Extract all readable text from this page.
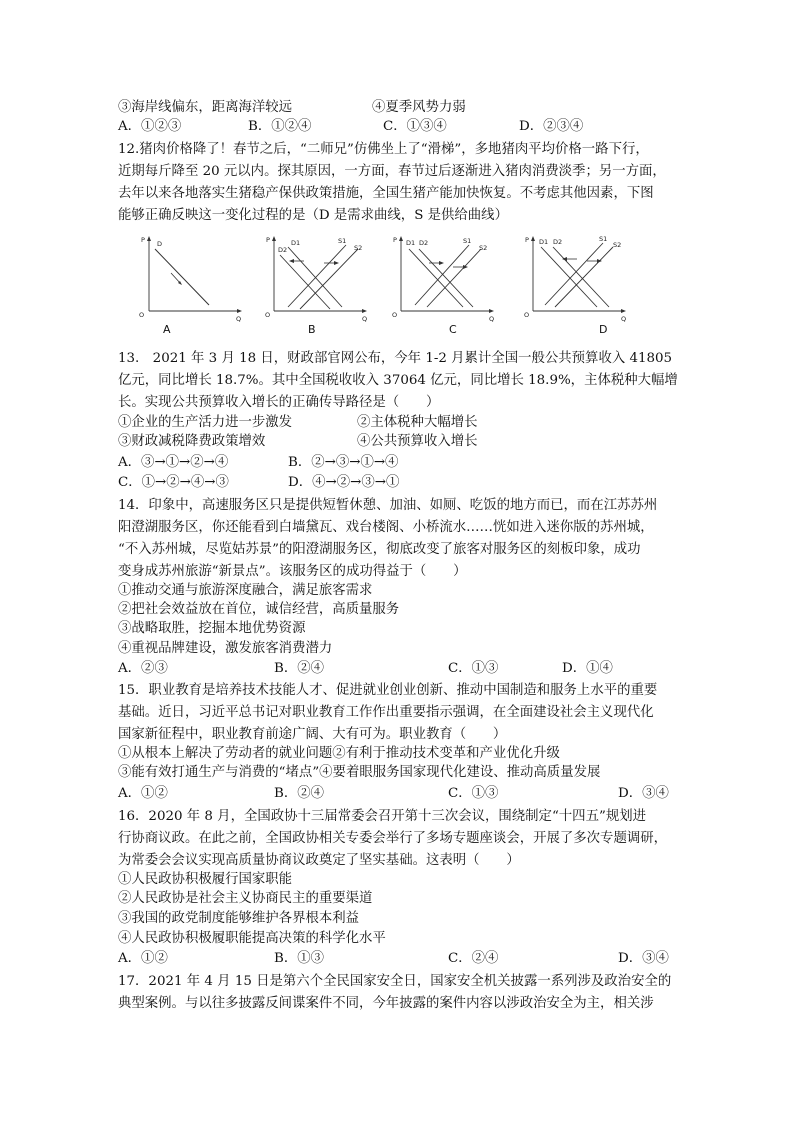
③海岸线偏东，距离海洋较远	④夏季风势力弱
A．①②③	B．①②④	C．①③④	D．②③④
12.猪肉价格降了！春节之后，“二师兄”仿佛坐上了“滑梯”，多地猪肉平均价格一路下行，
近期每斤降至 20 元以内。探其原因，一方面，春节过后逐渐进入猪肉消费淡季；另一方面，
去年以来各地落实生猪稳产保供政策措施，全国生猪产能加快恢复。不考虑其他因素，下图
能够正确反映这一变化过程的是（D 是需求曲线，S 是供给曲线）
P
Q
O
D
A
P
Q
O
D1
D2
S1
S2
B
P
Q
O
D1 D2	S1
S2
C
P
Q
O
D1 D2	S1
S2
D
13.　2021 年 3 月 18 日，财政部官网公布，今年 1-2 月累计全国一般公共预算收入 41805
亿元，同比增长 18.7%。其中全国税收收入 37064 亿元，同比增长 18.9%，主体税种大幅增
长。实现公共预算收入增长的正确传导路径是（　　）
①企业的生产活力进一步激发	②主体税种大幅增长
③财政减税降费政策增效	④公共预算收入增长
A．③→①→②→④	B．②→③→①→④
C．①→②→④→③	D．④→②→③→①
14．印象中，高速服务区只是提供短暂休憩、加油、如厕、吃饭的地方而已，而在江苏苏州
阳澄湖服务区，你还能看到白墙黛瓦、戏台楼阁、小桥流水……恍如进入迷你版的苏州城，
“不入苏州城，尽览姑苏景”的阳澄湖服务区，彻底改变了旅客对服务区的刻板印象，成功
变身成苏州旅游“新景点”。该服务区的成功得益于（　　）
①推动交通与旅游深度融合，满足旅客需求
②把社会效益放在首位，诚信经营，高质量服务
③战略取胜，挖掘本地优势资源
④重视品牌建设，激发旅客消费潜力
A．②③	B．②④	C．①③	D．①④
15．职业教育是培养技术技能人才、促进就业创业创新、推动中国制造和服务上水平的重要
基础。近日，习近平总书记对职业教育工作作出重要指示强调，在全面建设社会主义现代化
国家新征程中，职业教育前途广阔、大有可为。职业教育（　　）
①从根本上解决了劳动者的就业问题②有利于推动技术变革和产业优化升级
③能有效打通生产与消费的“堵点”④要着眼服务国家现代化建设、推动高质量发展
A．①②	B．②④	C．①③	D．③④
16．2020 年 8 月，全国政协十三届常委会召开第十三次会议，围绕制定“十四五”规划进
行协商议政。在此之前，全国政协相关专委会举行了多场专题座谈会，开展了多次专题调研，
为常委会会议实现高质量协商议政奠定了坚实基础。这表明（　　）
①人民政协积极履行国家职能
②人民政协是社会主义协商民主的重要渠道
③我国的政党制度能够维护各界根本利益
④人民政协积极履职能提高决策的科学化水平
A．①②	B．①③	C．②④	D．③④
17．2021 年 4 月 15 日是第六个全民国家安全日，国家安全机关披露一系列涉及政治安全的
典型案例。与以往多披露反间谍案件不同，今年披露的案件内容以涉政治安全为主，相关涉
